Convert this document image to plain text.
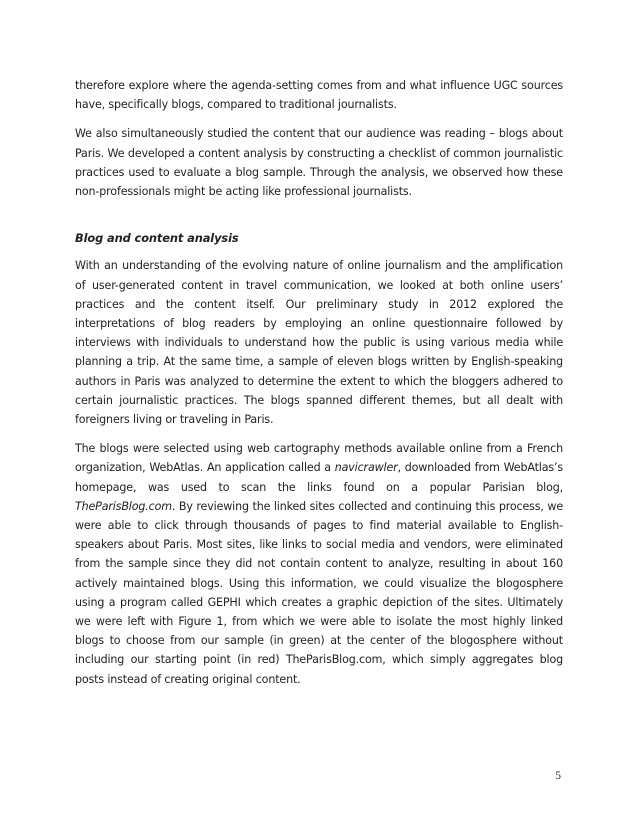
therefore explore where the agenda-setting comes from and what influence UGC sources have, specifically blogs, compared to traditional journalists.

We also simultaneously studied the content that our audience was reading – blogs about Paris. We developed a content analysis by constructing a checklist of common journalistic practices used to evaluate a blog sample. Through the analysis, we observed how these non-professionals might be acting like professional journalists.

Blog and content analysis

With an understanding of the evolving nature of online journalism and the amplification of user-generated content in travel communication, we looked at both online users’ practices and the content itself. Our preliminary study in 2012 explored the interpretations of blog readers by employing an online questionnaire followed by interviews with individuals to understand how the public is using various media while planning a trip. At the same time, a sample of eleven blogs written by English-speaking authors in Paris was analyzed to determine the extent to which the bloggers adhered to certain journalistic practices. The blogs spanned different themes, but all dealt with foreigners living or traveling in Paris.

The blogs were selected using web cartography methods available online from a French organization, WebAtlas. An application called a navicrawler, downloaded from WebAtlas’s homepage, was used to scan the links found on a popular Parisian blog, TheParisBlog.com. By reviewing the linked sites collected and continuing this process, we were able to click through thousands of pages to find material available to English-speakers about Paris. Most sites, like links to social media and vendors, were eliminated from the sample since they did not contain content to analyze, resulting in about 160 actively maintained blogs. Using this information, we could visualize the blogosphere using a program called GEPHI which creates a graphic depiction of the sites. Ultimately we were left with Figure 1, from which we were able to isolate the most highly linked blogs to choose from our sample (in green) at the center of the blogosphere without including our starting point (in red) TheParisBlog.com, which simply aggregates blog posts instead of creating original content.

5
